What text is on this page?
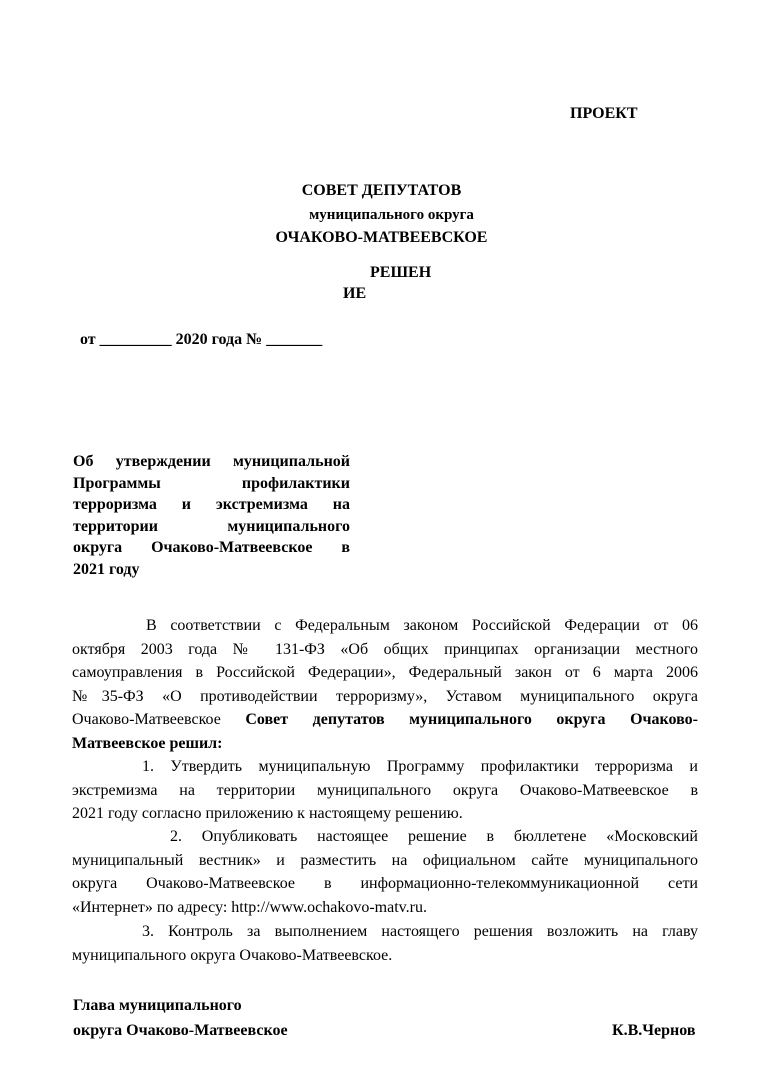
ПРОЕКТ

СОВЕТ ДЕПУТАТОВ

муниципального округа

ОЧАКОВО-МАТВЕЕВСКОЕ

РЕШЕН

ИЕ

от _________ 2020 года № _______

Об утверждении муниципальной
Программы профилактики
терроризма и экстремизма на
территории муниципального
округа Очаково-Матвеевское в
2021 году
В соответствии с Федеральным законом Российской Федерации от 06
октября 2003 года № 131-ФЗ «Об общих принципах организации местного
самоуправления в Российской Федерации», Федеральный закон от 6 марта 2006
№35-ФЗ «О противодействии терроризму», Уставом муниципального округа
Очаково-Матвеевское Совет депутатов муниципального округа Очаково-
Матвеевское решил:
1. Утвердить муниципальную Программу профилактики терроризма и
экстремизма на территории муниципального округа Очаково-Матвеевское в
2021 году согласно приложению к настоящему решению.
2. Опубликовать настоящее решение в бюллетене «Московский
муниципальный вестник» и разместить на официальном сайте муниципального
округа Очаково-Матвеевское в информационно-телекоммуникационной сети
«Интернет» по адресу: http://www.ochakovo-matv.ru.
3. Контроль за выполнением настоящего решения возложить на главу
муниципального округа Очаково-Матвеевское.

Глава муниципального

округа Очаково-Матвеевское	К.В.Чернов
